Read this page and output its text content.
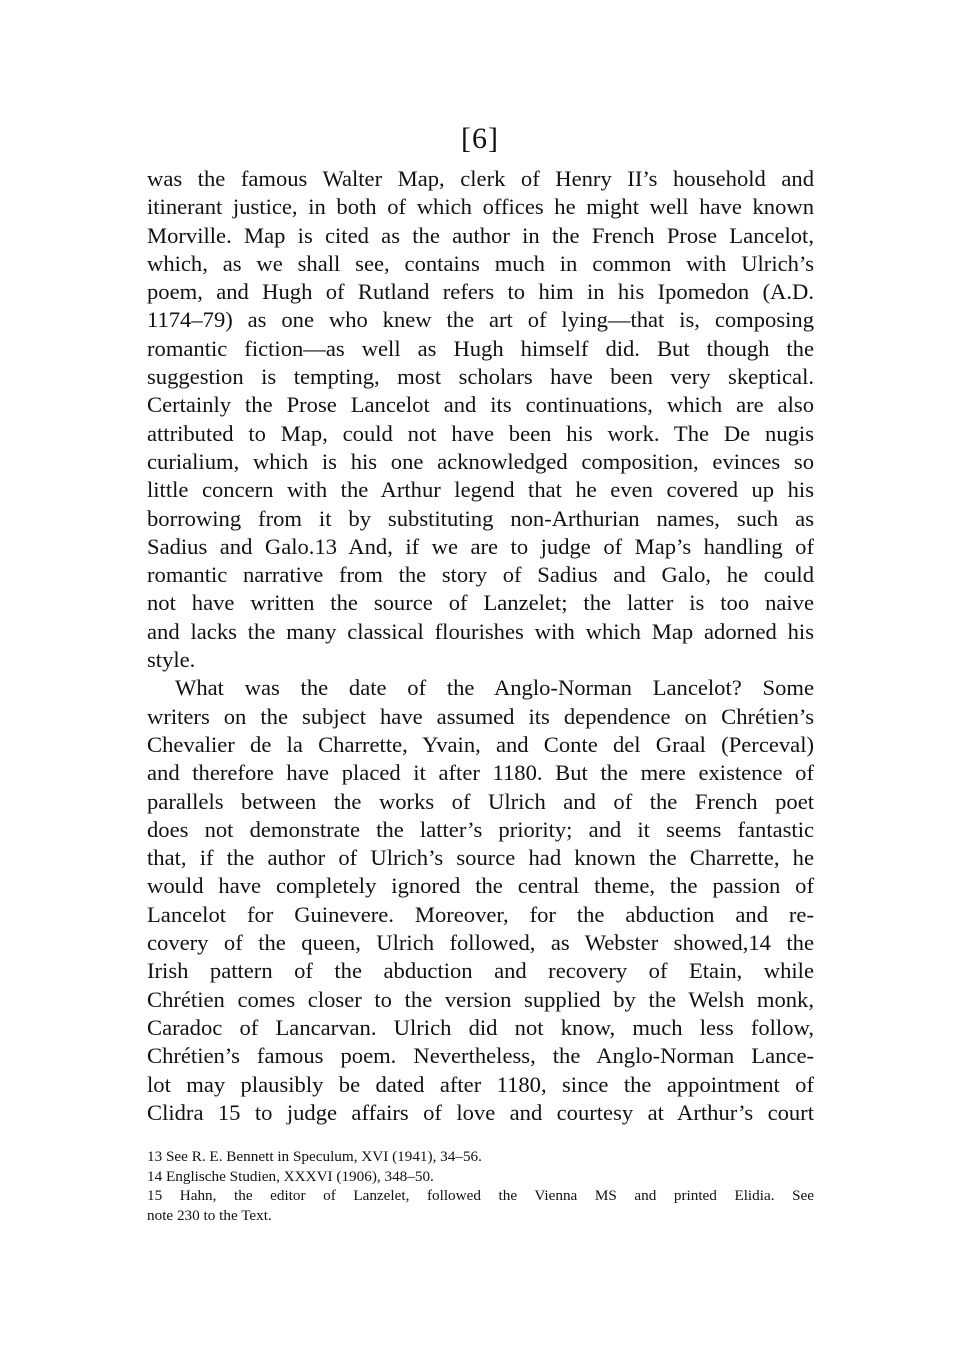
[6]
was the famous Walter Map, clerk of Henry II’s household and
itinerant justice, in both of which offices he might well have known
Morville. Map is cited as the author in the French Prose Lancelot,
which, as we shall see, contains much in common with Ulrich’s
poem, and Hugh of Rutland refers to him in his Ipomedon (A.D.
1174–79) as one who knew the art of lying—that is, composing
romantic fiction—as well as Hugh himself did. But though the
suggestion is tempting, most scholars have been very skeptical.
Certainly the Prose Lancelot and its continuations, which are also
attributed to Map, could not have been his work. The De nugis
curialium, which is his one acknowledged composition, evinces so
little concern with the Arthur legend that he even covered up his
borrowing from it by substituting non-Arthurian names, such as
Sadius and Galo.13 And, if we are to judge of Map’s handling of
romantic narrative from the story of Sadius and Galo, he could
not have written the source of Lanzelet; the latter is too naive
and lacks the many classical flourishes with which Map adorned his
style.
What was the date of the Anglo-Norman Lancelot? Some
writers on the subject have assumed its dependence on Chrétien’s
Chevalier de la Charrette, Yvain, and Conte del Graal (Perceval)
and therefore have placed it after 1180. But the mere existence of
parallels between the works of Ulrich and of the French poet
does not demonstrate the latter’s priority; and it seems fantastic
that, if the author of Ulrich’s source had known the Charrette, he
would have completely ignored the central theme, the passion of
Lancelot for Guinevere. Moreover, for the abduction and re-
covery of the queen, Ulrich followed, as Webster showed,14 the
Irish pattern of the abduction and recovery of Etain, while
Chrétien comes closer to the version supplied by the Welsh monk,
Caradoc of Lancarvan. Ulrich did not know, much less follow,
Chrétien’s famous poem. Nevertheless, the Anglo-Norman Lance-
lot may plausibly be dated after 1180, since the appointment of
Clidra 15 to judge affairs of love and courtesy at Arthur’s court
13 See R. E. Bennett in Speculum, XVI (1941), 34–56.
14 Englische Studien, XXXVI (1906), 348–50.
15 Hahn, the editor of Lanzelet, followed the Vienna MS and printed Elidia. See
note 230 to the Text.
